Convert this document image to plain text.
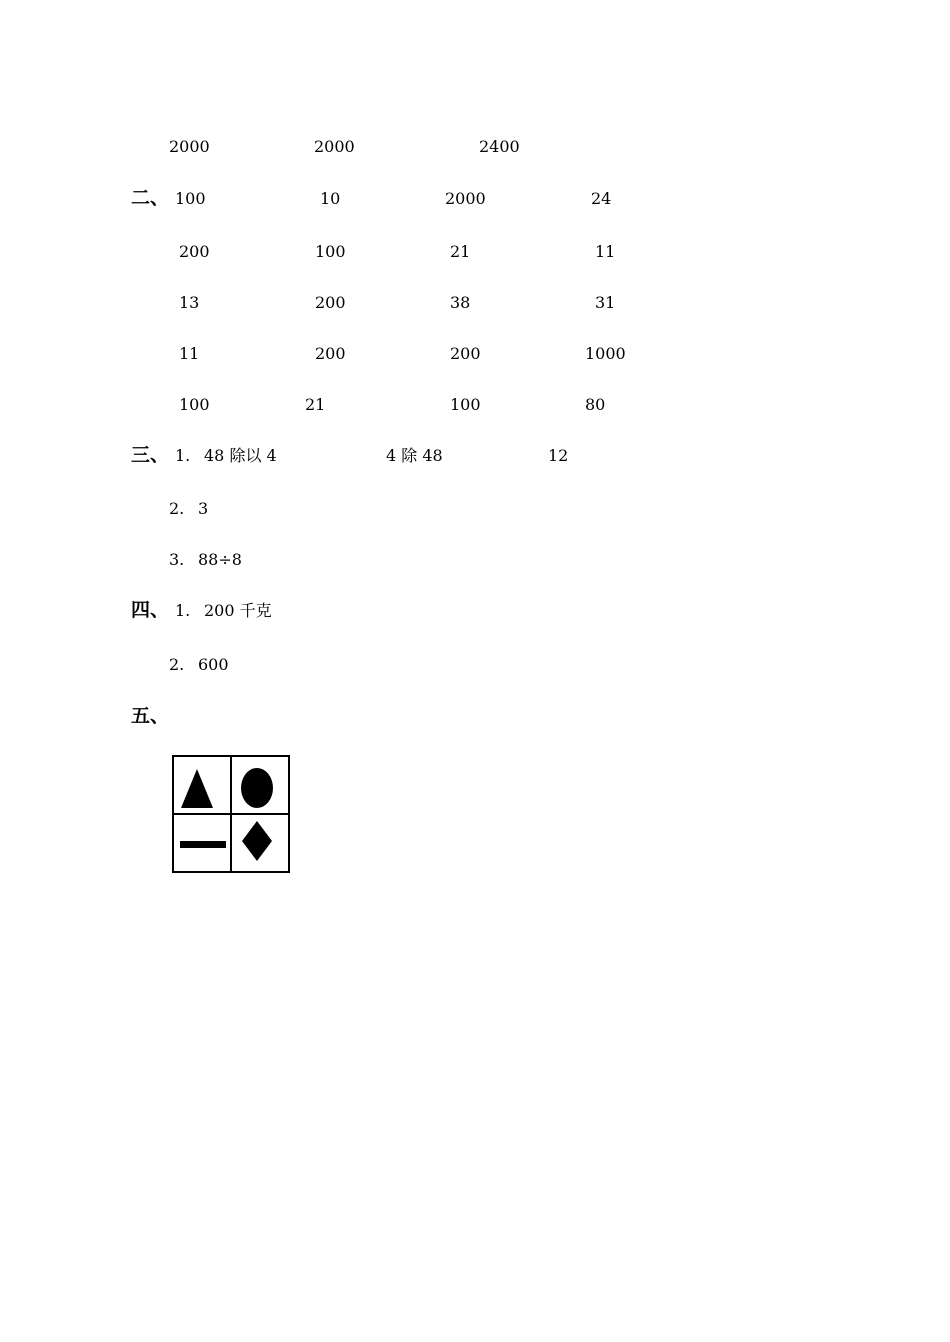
2000	2000	2400
二、 100	10	2000	24
200	100	21	11
13	200	38	31
11	200	200	1000
100	21	100	80
三、 1. 48 除以 4	4 除 48	12
2. 3
3. 88÷8
四、 1. 200 千克
2. 600
五、
